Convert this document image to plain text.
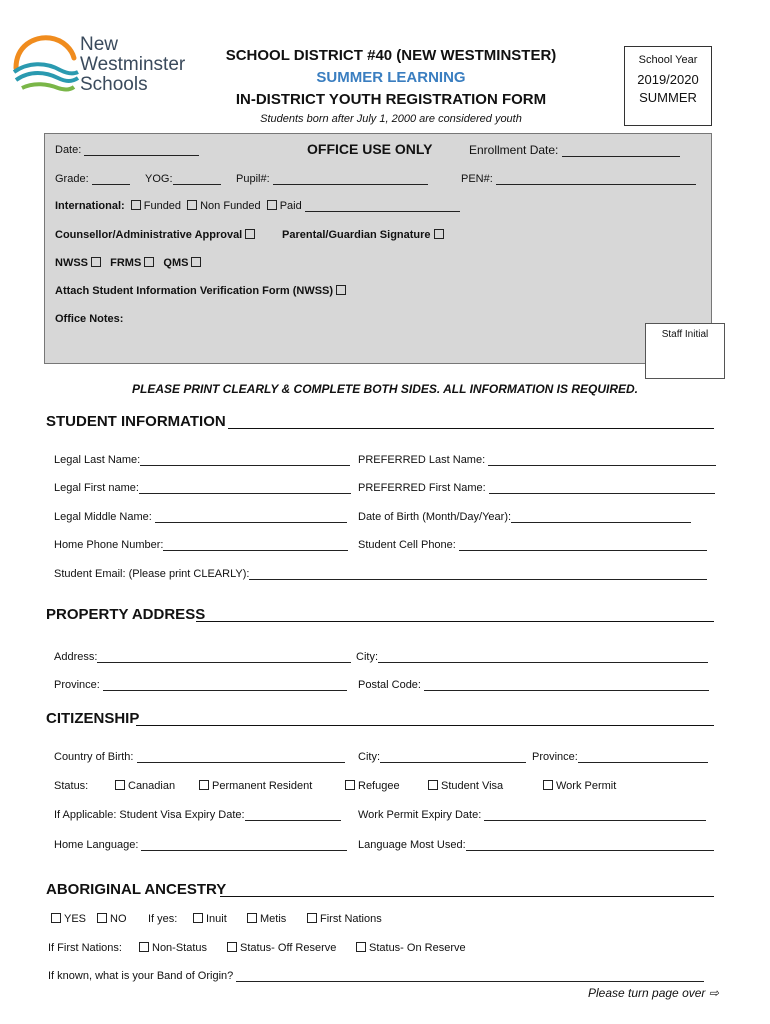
New
Westminster
Schools
SCHOOL DISTRICT #40 (NEW WESTMINSTER)
SUMMER LEARNING
IN-DISTRICT YOUTH REGISTRATION FORM
Students born after July 1, 2000 are considered youth
School Year
2019/2020
SUMMER
OFFICE USE ONLY
Date:	Enrollment Date:
Grade:	YOG:	Pupil#:	PEN#:
International: Funded Non Funded Paid
Staff Initial
Counsellor/Administrative Approval	Parental/Guardian Signature
NWSS FRMS QMS
Attach Student Information Verification Form (NWSS)
Office Notes:
PLEASE PRINT CLEARLY & COMPLETE BOTH SIDES. ALL INFORMATION IS REQUIRED.
STUDENT INFORMATION
Legal Last Name:	PREFERRED Last Name:
Legal First name:	PREFERRED First Name:
Legal Middle Name:	Date of Birth (Month/Day/Year):
Home Phone Number:	Student Cell Phone:
Student Email: (Please print CLEARLY):
PROPERTY ADDRESS
Address:	City:
Province:	Postal Code:
CITIZENSHIP
Country of Birth:	City:	Province:
Status:	Canadian	Permanent Resident	Refugee	Student Visa	Work Permit
If Applicable: Student Visa Expiry Date:	Work Permit Expiry Date:
Home Language:	Language Most Used:
ABORIGINAL ANCESTRY
YES	NO If yes:	Inuit	Metis	First Nations
If First Nations:	Non-Status	Status- Off Reserve	Status- On Reserve
If known, what is your Band of Origin?
Please turn page over ⇨
